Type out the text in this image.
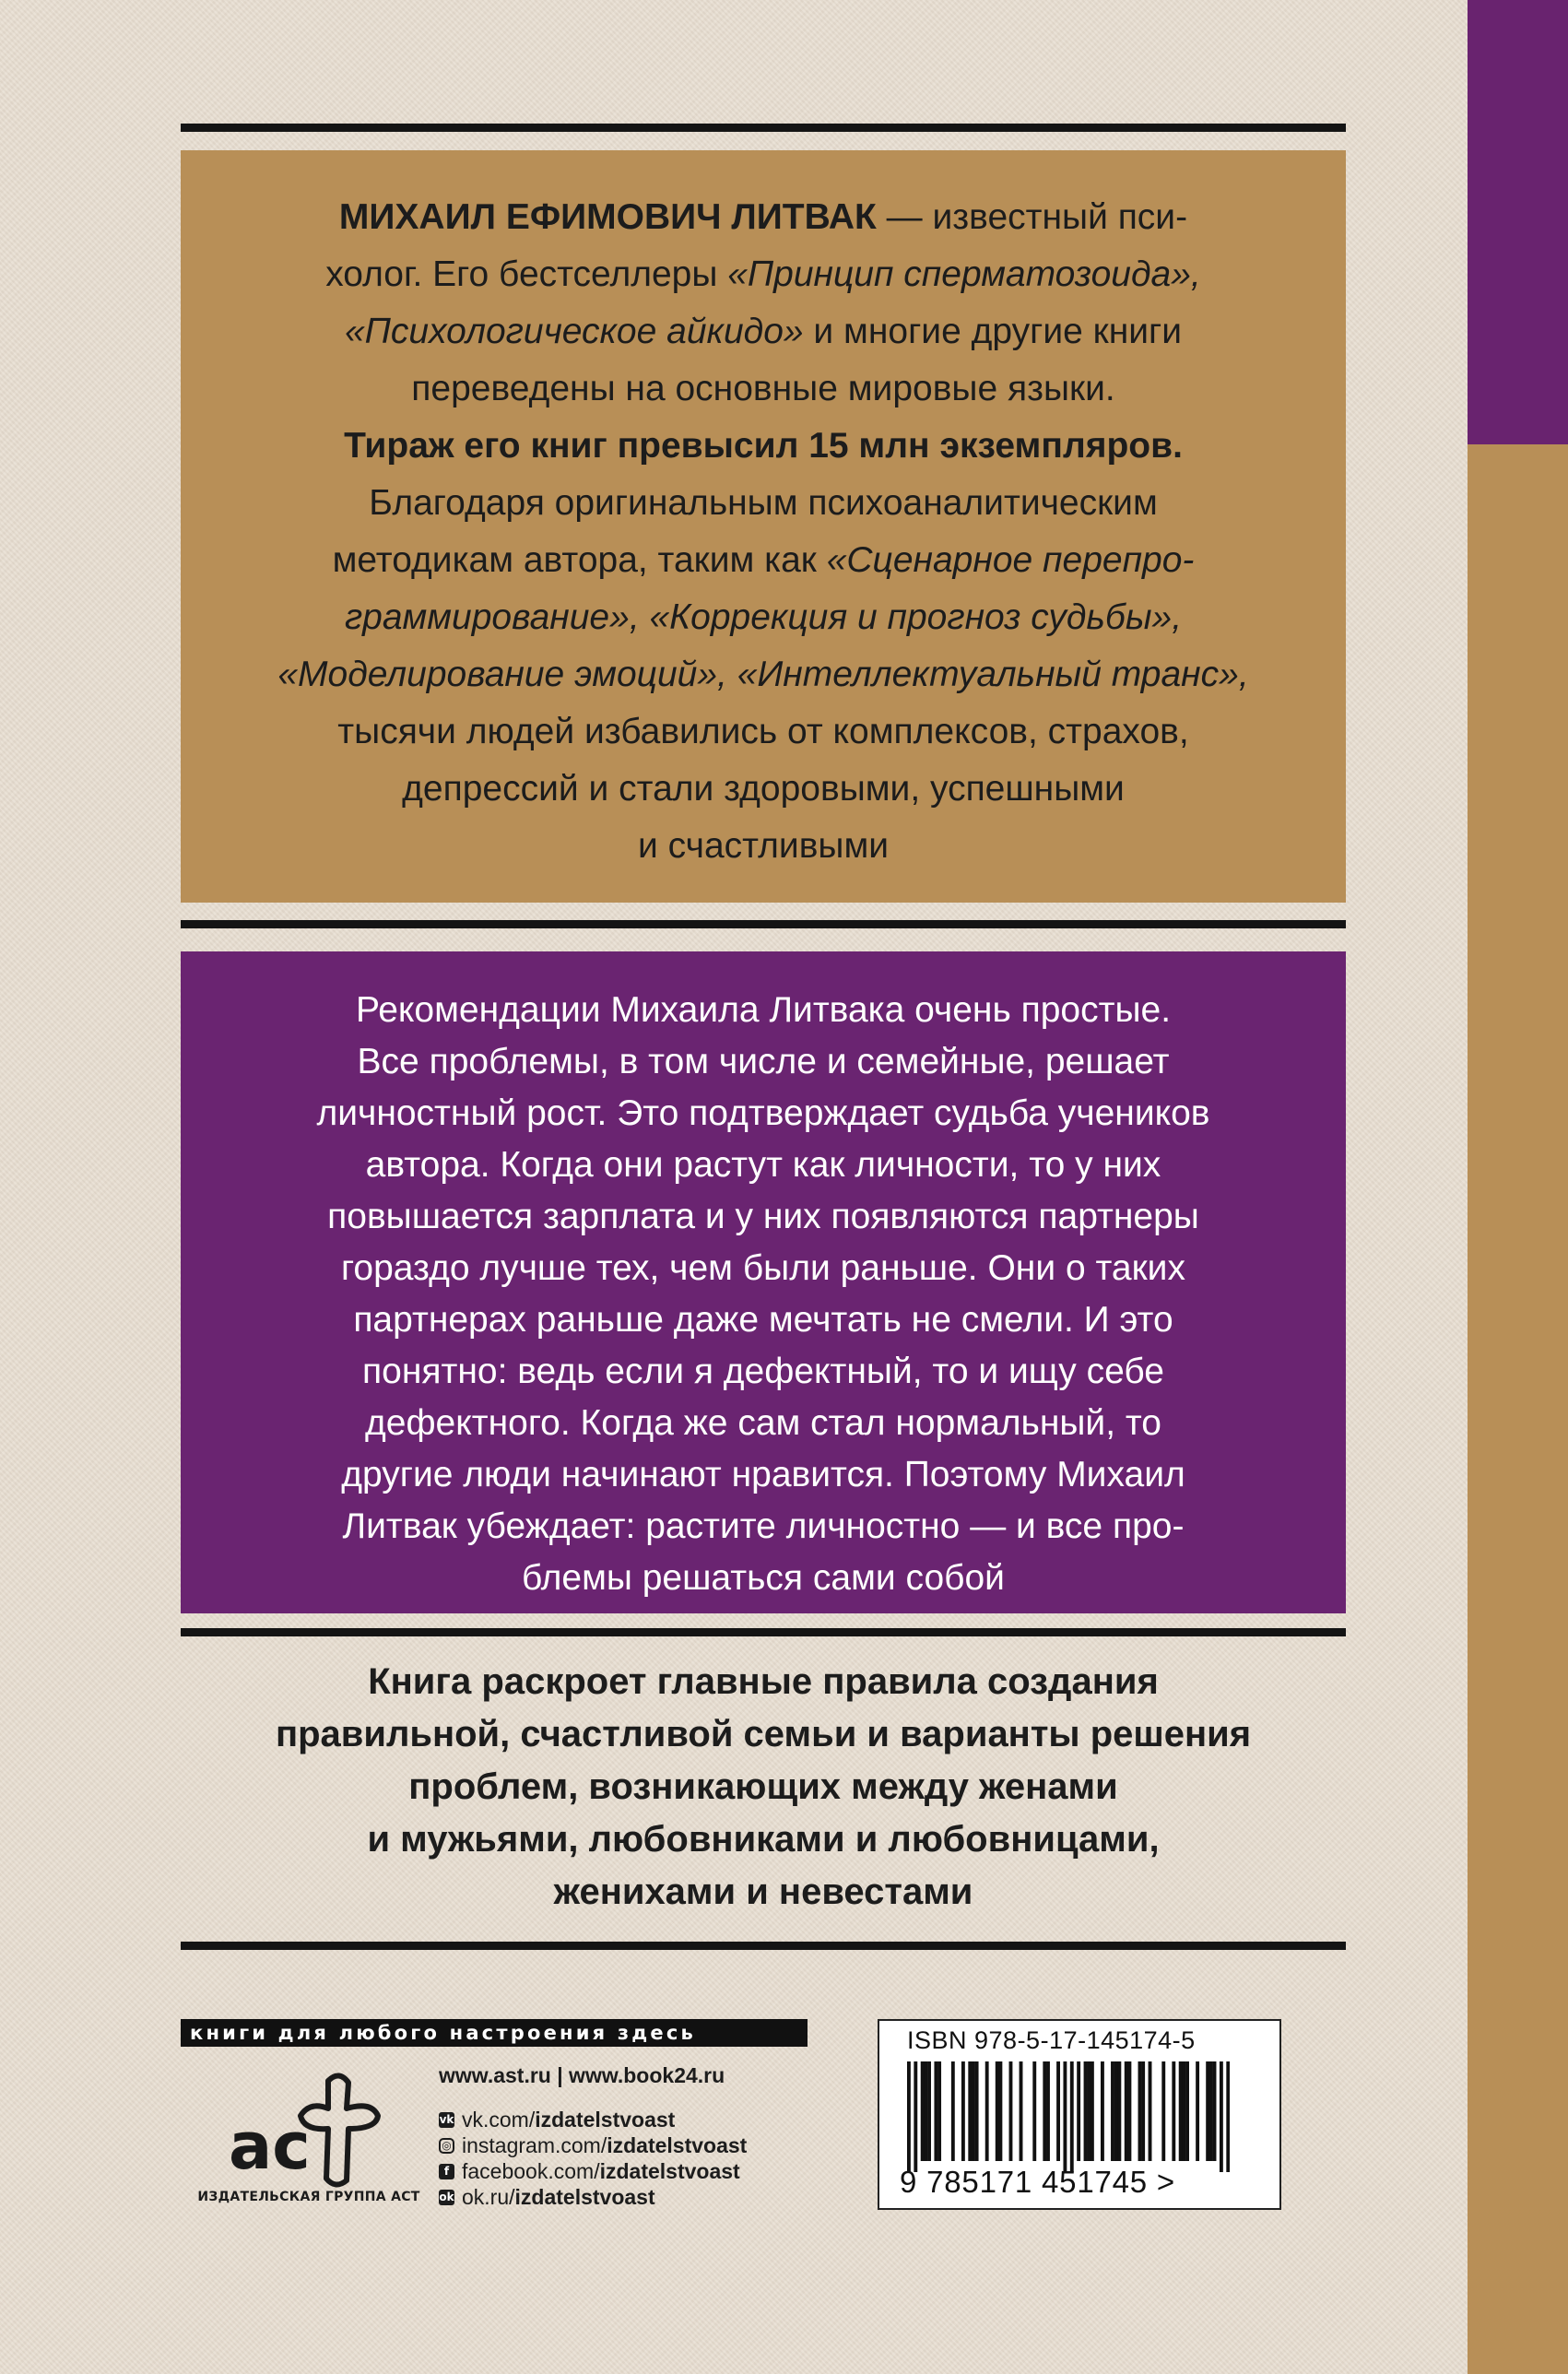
МИХАИЛ ЕФИМОВИЧ ЛИТВАК — известный пси-

холог. Его бестселлеры «Принцип сперматозоида»,

«Психологическое айкидо» и многие другие книги

переведены на основные мировые языки.

Тираж его книг превысил 15 млн экземпляров.

Благодаря оригинальным психоаналитическим

методикам автора, таким как «Сценарное перепро-

граммирование», «Коррекция и прогноз судьбы»,

«Моделирование эмоций», «Интеллектуальный транс»,

тысячи людей избавились от комплексов, страхов,

депрессий и стали здоровыми, успешными

и счастливыми

Рекомендации Михаила Литвака очень простые.

Все проблемы, в том числе и семейные, решает

личностный рост. Это подтверждает судьба учеников

автора. Когда они растут как личности, то у них

повышается зарплата и у них появляются партнеры

гораздо лучше тех, чем были раньше. Они о таких

партнерах раньше даже мечтать не смели. И это

понятно: ведь если я дефектный, то и ищу себе

дефектного. Когда же сам стал нормальный, то

другие люди начинают нравится. Поэтому Михаил

Литвак убеждает: растите личностно — и все про-

блемы решаться сами собой

Книга раскроет главные правила создания

правильной, счастливой семьи и варианты решения

проблем, возникающих между женами

и мужьями, любовниками и любовницами,

женихами и невестами

книги для любого настроения здесь
ac
ИЗДАТЕЛЬСКАЯ ГРУППА АСТ
www.ast.ru | www.book24.ru
vk vk.com/izdatelstvoast
◎ instagram.com/izdatelstvoast
f facebook.com/izdatelstvoast
ok ok.ru/izdatelstvoast
ISBN 978-5-17-145174-5
9 785171 451745 >
